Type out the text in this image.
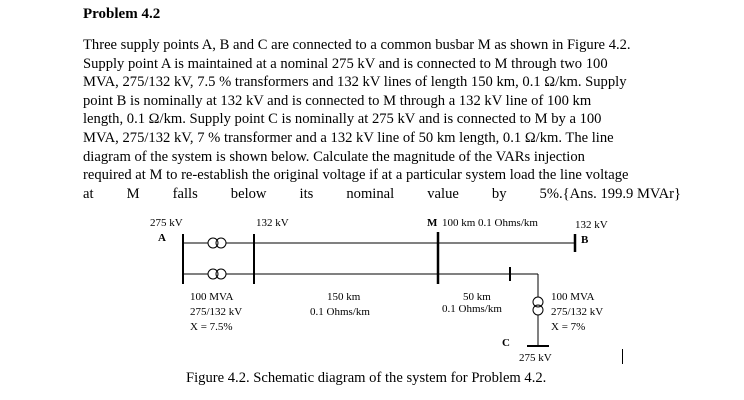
Problem 4.2
Three supply points A, B and C are connected to a common busbar M as shown in Figure 4.2.
Supply point A is maintained at a nominal 275 kV and is connected to M through two 100
MVA, 275/132 kV, 7.5 % transformers and 132 kV lines of length 150 km, 0.1 Ω/km. Supply
point B is nominally at 132 kV and is connected to M through a 132 kV line of 100 km
length, 0.1 Ω/km. Supply point C is nominally at 275 kV and is connected to M by a 100
MVA, 275/132 kV, 7 % transformer and a 132 kV line of 50 km length, 0.1 Ω/km. The line
diagram of the system is shown below. Calculate the magnitude of the VARs injection
required at M to re-establish the original voltage if at a particular system load the line voltage
at M falls below its nominal value by 5%. {Ans. 199.9 MVAr}
275 kV
A
132 kV	M 100 km 0.1 Ohms/km	132 kV
B
100 MVA
275/132 kV
X = 7.5%
150 km
0.1 Ohms/km
50 km
0.1 Ohms/km
100 MVA
275/132 kV
X = 7%
C
275 kV
Figure 4.2. Schematic diagram of the system for Problem 4.2.
